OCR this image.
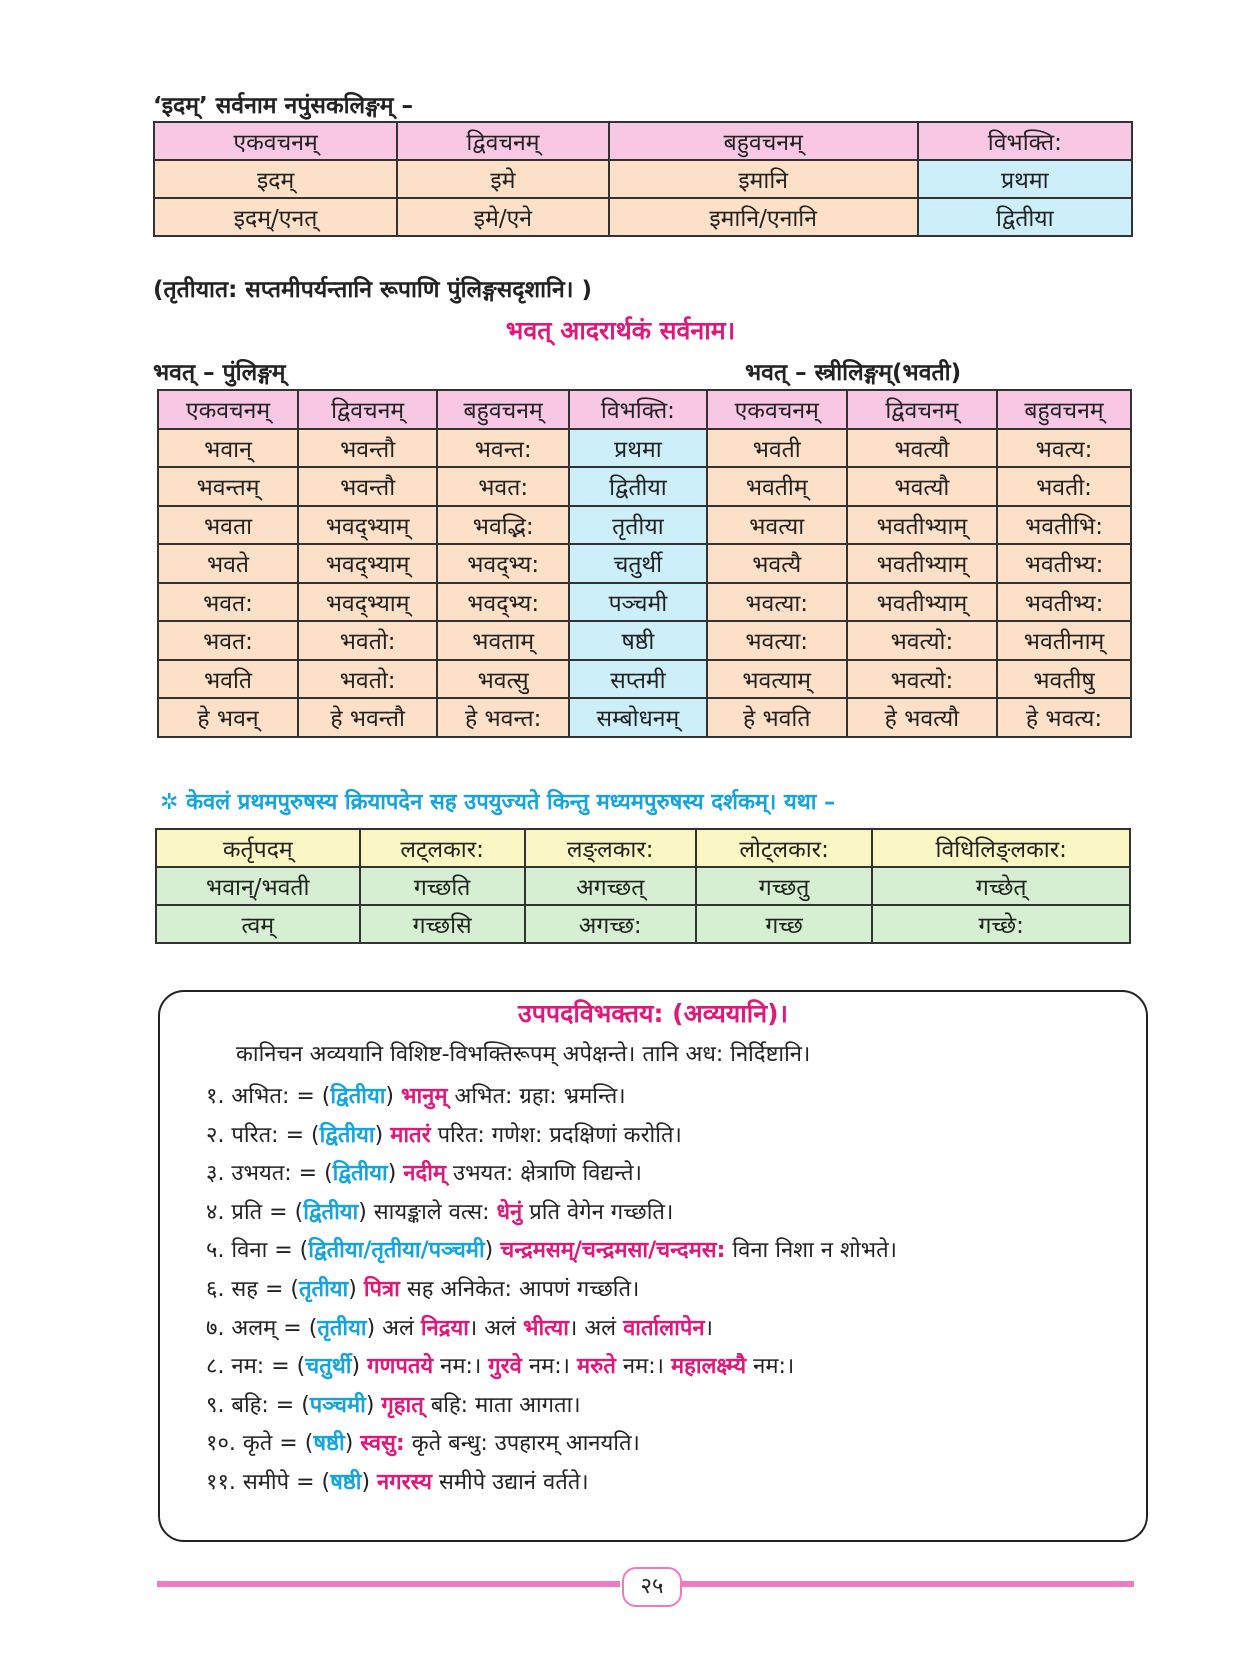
‘इदम्’ सर्वनाम नपुंसकलिङ्गम् –
एकवचनम्	द्विवचनम्	बहुवचनम्	विभक्ति:
इदम्	इमे	इमानि	प्रथमा
इदम्/एनत्	इमे/एने	इमानि/एनानि	द्वितीया
(तृतीयात: सप्तमीपर्यन्तानि रूपाणि पुंलिङ्गसदृशानि। )
भवत् आदरार्थकं सर्वनाम।
भवत् – पुंलिङ्गम्	भवत् – स्त्रीलिङ्गम्(भवती)
एकवचनम्	द्विवचनम्	बहुवचनम्	विभक्ति:	एकवचनम्	द्विवचनम्	बहुवचनम्
भवान्	भवन्तौ	भवन्त:	प्रथमा	भवती	भवत्यौ	भवत्य:
भवन्तम्	भवन्तौ	भवत:	द्वितीया	भवतीम्	भवत्यौ	भवती:
भवता	भवद्भ्याम्	भवद्भि:	तृतीया	भवत्या	भवतीभ्याम्	भवतीभि:
भवते	भवद्भ्याम्	भवद्भ्य:	चतुर्थी	भवत्यै	भवतीभ्याम्	भवतीभ्य:
भवत:	भवद्भ्याम्	भवद्भ्य:	पञ्चमी	भवत्या:	भवतीभ्याम्	भवतीभ्य:
भवत:	भवतो:	भवताम्	षष्ठी	भवत्या:	भवत्यो:	भवतीनाम्
भवति	भवतो:	भवत्सु	सप्तमी	भवत्याम्	भवत्यो:	भवतीषु
हे भवन्	हे भवन्तौ	हे भवन्त:	सम्बोधनम्	हे भवति	हे भवत्यौ	हे भवत्य:
✲ केवलं प्रथमपुरुषस्य क्रियापदेन सह उपयुज्यते किन्तु मध्यमपुरुषस्य दर्शकम्। यथा –
कर्तृपदम्	लट्लकार:	लङ्लकार:	लोट्लकार:	विधिलिङ्लकार:
भवान्/भवती	गच्छति	अगच्छत्	गच्छतु	गच्छेत्
त्वम्	गच्छसि	अगच्छ:	गच्छ	गच्छे:
उपपदविभक्तय: (अव्ययानि)।
कानिचन अव्ययानि विशिष्ट-विभक्तिरूपम् अपेक्षन्ते। तानि अध: निर्दिष्टानि।
१. अभित: = (द्वितीया) भानुम् अभित: ग्रहा: भ्रमन्ति।
२. परित: = (द्वितीया) मातरं परित: गणेश: प्रदक्षिणां करोति।
३. उभयत: = (द्वितीया) नदीम् उभयत: क्षेत्राणि विद्यन्ते।
४. प्रति = (द्वितीया) सायङ्काले वत्स: धेनुं प्रति वेगेन गच्छति।
५. विना = (द्वितीया/तृतीया/पञ्चमी) चन्द्रमसम्/चन्द्रमसा/चन्दमस: विना निशा न शोभते।
६. सह = (तृतीया) पित्रा सह अनिकेत: आपणं गच्छति।
७. अलम् = (तृतीया) अलं निद्रया। अलं भीत्या। अलं वार्तालापेन।
८. नम: = (चतुर्थी) गणपतये नम:। गुरवे नम:। मरुते नम:। महालक्ष्म्यै नम:।
९. बहि: = (पञ्चमी) गृहात् बहि: माता आगता।
१०. कृते = (षष्ठी) स्वसु: कृते बन्धु: उपहारम् आनयति।
११. समीपे = (षष्ठी) नगरस्य समीपे उद्यानं वर्तते।
२५
